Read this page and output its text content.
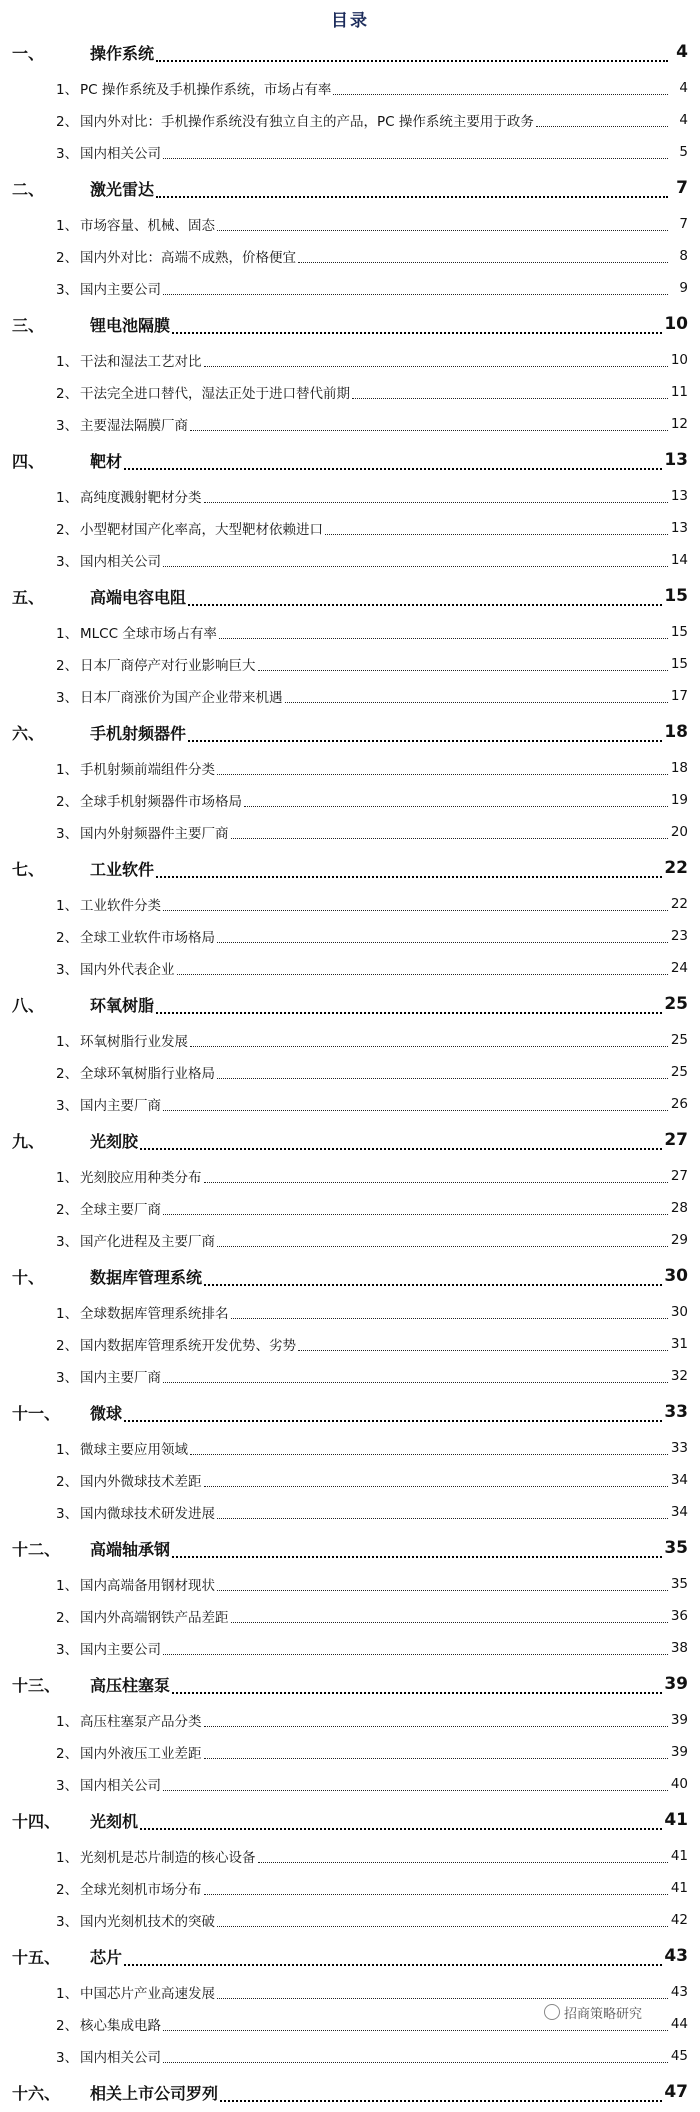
目录
一、	操作系统	4
1、 PC 操作系统及手机操作系统，市场占有率	4
2、 国内外对比：手机操作系统没有独立自主的产品，PC 操作系统主要用于政务	4
3、 国内相关公司	5
二、	激光雷达	7
1、 市场容量、机械、固态	7
2、 国内外对比：高端不成熟，价格便宜	8
3、 国内主要公司	9
三、	锂电池隔膜	10
1、 干法和湿法工艺对比	10
2、 干法完全进口替代，湿法正处于进口替代前期	11
3、 主要湿法隔膜厂商	12
四、	靶材	13
1、 高纯度溅射靶材分类	13
2、 小型靶材国产化率高，大型靶材依赖进口	13
3、 国内相关公司	14
五、	高端电容电阻	15
1、 MLCC 全球市场占有率	15
2、 日本厂商停产对行业影响巨大	15
3、 日本厂商涨价为国产企业带来机遇	17
六、	手机射频器件	18
1、 手机射频前端组件分类	18
2、 全球手机射频器件市场格局	19
3、 国内外射频器件主要厂商	20
七、	工业软件	22
1、 工业软件分类	22
2、 全球工业软件市场格局	23
3、 国内外代表企业	24
八、	环氧树脂	25
1、 环氧树脂行业发展	25
2、 全球环氧树脂行业格局	25
3、 国内主要厂商	26
九、	光刻胶	27
1、 光刻胶应用种类分布	27
2、 全球主要厂商	28
3、 国产化进程及主要厂商	29
十、	数据库管理系统	30
1、 全球数据库管理系统排名	30
2、 国内数据库管理系统开发优势、劣势	31
3、 国内主要厂商	32
十一、	微球	33
1、 微球主要应用领域	33
2、 国内外微球技术差距	34
3、 国内微球技术研发进展	34
十二、	高端轴承钢	35
1、 国内高端备用钢材现状	35
2、 国内外高端钢铁产品差距	36
3、 国内主要公司	38
十三、	高压柱塞泵	39
1、 高压柱塞泵产品分类	39
2、 国内外液压工业差距	39
3、 国内相关公司	40
十四、	光刻机	41
1、 光刻机是芯片制造的核心设备	41
2、 全球光刻机市场分布	41
3、 国内光刻机技术的突破	42
十五、	芯片	43
1、 中国芯片产业高速发展	43
2、 核心集成电路	44
3、 国内相关公司	45
十六、	相关上市公司罗列	47
招商策略研究
